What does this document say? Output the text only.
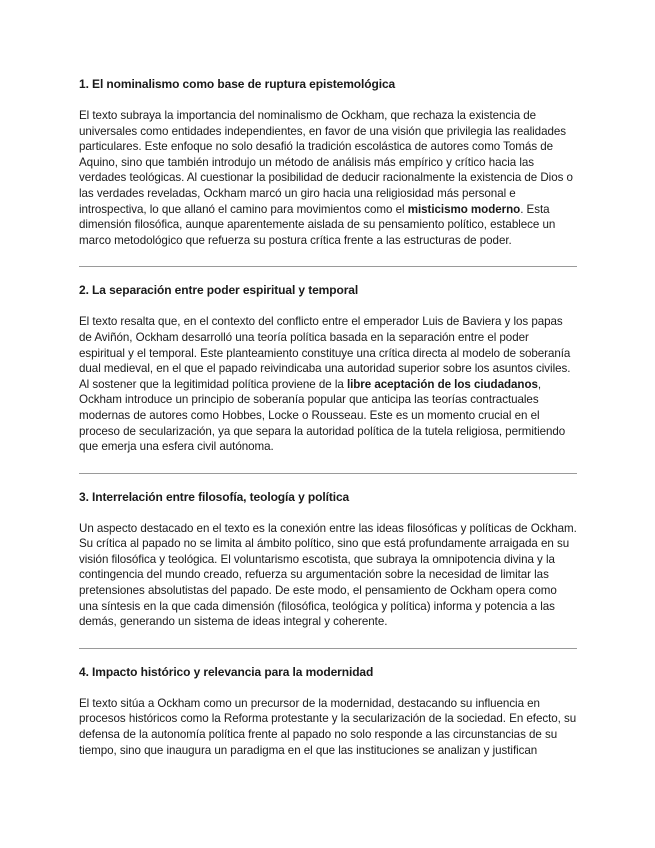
1. El nominalismo como base de ruptura epistemológica

El texto subraya la importancia del nominalismo de Ockham, que rechaza la existencia de universales como entidades independientes, en favor de una visión que privilegia las realidades particulares. Este enfoque no solo desafió la tradición escolástica de autores como Tomás de Aquino, sino que también introdujo un método de análisis más empírico y crítico hacia las verdades teológicas. Al cuestionar la posibilidad de deducir racionalmente la existencia de Dios o las verdades reveladas, Ockham marcó un giro hacia una religiosidad más personal e introspectiva, lo que allanó el camino para movimientos como el misticismo moderno. Esta dimensión filosófica, aunque aparentemente aislada de su pensamiento político, establece un marco metodológico que refuerza su postura crítica frente a las estructuras de poder.

2. La separación entre poder espiritual y temporal

El texto resalta que, en el contexto del conflicto entre el emperador Luis de Baviera y los papas de Aviñón, Ockham desarrolló una teoría política basada en la separación entre el poder espiritual y el temporal. Este planteamiento constituye una crítica directa al modelo de soberanía dual medieval, en el que el papado reivindicaba una autoridad superior sobre los asuntos civiles. Al sostener que la legitimidad política proviene de la libre aceptación de los ciudadanos, Ockham introduce un principio de soberanía popular que anticipa las teorías contractuales modernas de autores como Hobbes, Locke o Rousseau. Este es un momento crucial en el proceso de secularización, ya que separa la autoridad política de la tutela religiosa, permitiendo que emerja una esfera civil autónoma.

3. Interrelación entre filosofía, teología y política

Un aspecto destacado en el texto es la conexión entre las ideas filosóficas y políticas de Ockham. Su crítica al papado no se limita al ámbito político, sino que está profundamente arraigada en su visión filosófica y teológica. El voluntarismo escotista, que subraya la omnipotencia divina y la contingencia del mundo creado, refuerza su argumentación sobre la necesidad de limitar las pretensiones absolutistas del papado. De este modo, el pensamiento de Ockham opera como una síntesis en la que cada dimensión (filosófica, teológica y política) informa y potencia a las demás, generando un sistema de ideas integral y coherente.

4. Impacto histórico y relevancia para la modernidad

El texto sitúa a Ockham como un precursor de la modernidad, destacando su influencia en procesos históricos como la Reforma protestante y la secularización de la sociedad. En efecto, su defensa de la autonomía política frente al papado no solo responde a las circunstancias de su tiempo, sino que inaugura un paradigma en el que las instituciones se analizan y justifican
